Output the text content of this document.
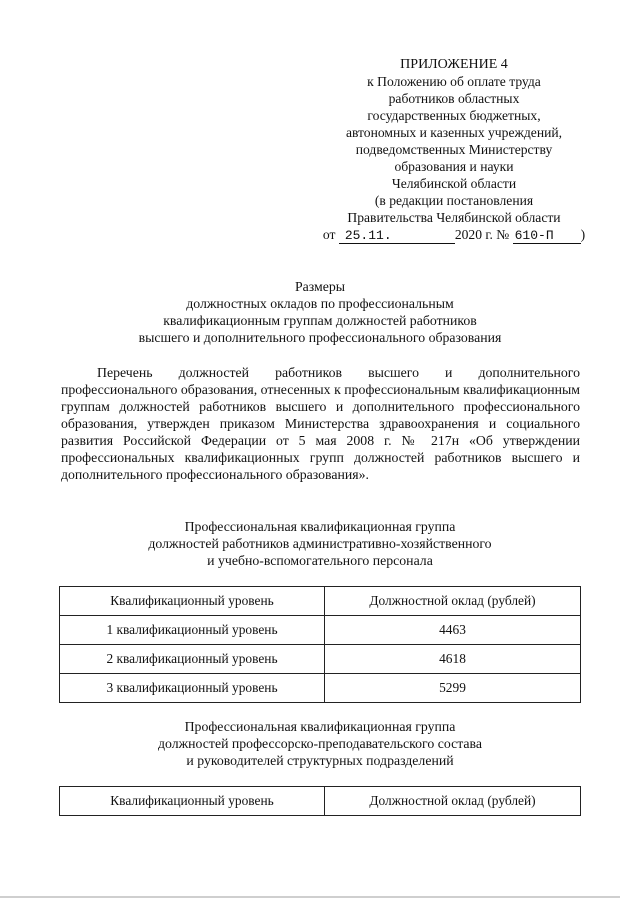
ПРИЛОЖЕНИЕ 4
к Положению об оплате труда
работников областных
государственных бюджетных,
автономных и казенных учреждений,
подведомственных Министерству
образования и науки
Челябинской области
(в редакции постановления
Правительства Челябинской области
от 25.11.	2020 г. № 610-П )
Размеры
должностных окладов по профессиональным
квалификационным группам должностей работников
высшего и дополнительного профессионального образования

Перечень должностей работников высшего и дополнительного профессионального образования, отнесенных к профессиональным квалификационным группам должностей работников высшего и дополнительного профессионального образования, утвержден приказом Министерства здравоохранения и социального развития Российской Федерации от 5 мая 2008 г. № 217н «Об утверждении профессиональных квалификационных групп должностей работников высшего и дополнительного профессионального образования».

Профессиональная квалификационная группа
должностей работников административно-хозяйственного
и учебно-вспомогательного персонала
Квалификационный уровень	Должностной оклад (рублей)
1 квалификационный уровень	4463
2 квалификационный уровень	4618
3 квалификационный уровень	5299
Профессиональная квалификационная группа
должностей профессорско-преподавательского состава
и руководителей структурных подразделений
Квалификационный уровень	Должностной оклад (рублей)
